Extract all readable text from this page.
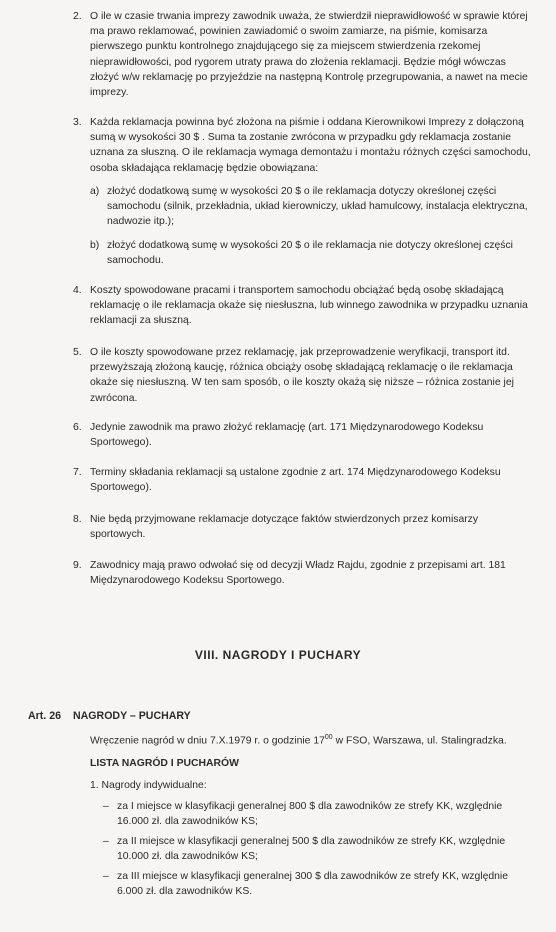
2. O ile w czasie trwania imprezy zawodnik uważa, że stwierdził nieprawidłowość w sprawie której ma prawo reklamować, powinien zawiadomić o swoim zamiarze, na piśmie, komisarza pierwszego punktu kontrolnego znajdującego się za miejscem stwierdzenia rzekomej nieprawidłowości, pod rygorem utraty prawa do złożenia reklamacji. Będzie mógł wówczas złożyć w/w reklamację po przyjeździe na następną Kontrolę przegrupowania, a nawet na mecie imprezy.
3. Każda reklamacja powinna być złożona na piśmie i oddana Kierownikowi Imprezy z dołączoną sumą w wysokości 30 $ . Suma ta zostanie zwrócona w przypadku gdy reklamacja zostanie uznana za słuszną. O ile reklamacja wymaga demontażu i montażu różnych części samochodu, osoba składająca reklamację będzie obowiązana:
a) złożyć dodatkową sumę w wysokości 20 $ o ile reklamacja dotyczy określonej części samochodu (silnik, przekładnia, układ kierowniczy, układ hamulcowy, instalacja elektryczna, nadwozie itp.);
b) złożyć dodatkową sumę w wysokości 20 $ o ile reklamacja nie dotyczy określonej części samochodu.
4. Koszty spowodowane pracami i transportem samochodu obciążać będą osobę składającą reklamację o ile reklamacja okaże się niesłuszna, lub winnego zawodnika w przypadku uznania reklamacji za słuszną.
5. O ile koszty spowodowane przez reklamację, jak przeprowadzenie weryfikacji, transport itd. przewyższają złożoną kaucję, różnica obciąży osobę składającą reklamację o ile reklamacja okaże się niesłuszną. W ten sam sposób, o ile koszty okażą się niższe – różnica zostanie jej zwrócona.
6. Jedynie zawodnik ma prawo złożyć reklamację (art. 171 Międzynarodowego Kodeksu Sportowego).
7. Terminy składania reklamacji są ustalone zgodnie z art. 174 Międzynarodowego Kodeksu Sportowego).
8. Nie będą przyjmowane reklamacje dotyczące faktów stwierdzonych przez komisarzy sportowych.
9. Zawodnicy mają prawo odwołać się od decyzji Władz Rajdu, zgodnie z przepisami art. 181 Międzynarodowego Kodeksu Sportowego.
VIII. NAGRODY I PUCHARY
Art. 26 NAGRODY – PUCHARY
Wręczenie nagród w dniu 7.X.1979 r. o godzinie $17^{00}$ w FSO, Warszawa, ul. Stalingradzka.
LISTA NAGRÓD I PUCHARÓW
1. Nagrody indywidualne:
– za I miejsce w klasyfikacji generalnej 800 $ dla zawodników ze strefy KK, względnie 16.000 zł. dla zawodników KS;
– za II miejsce w klasyfikacji generalnej 500 $ dla zawodników ze strefy KK, względnie 10.000 zł. dla zawodników KS;
– za III miejsce w klasyfikacji generalnej 300 $ dla zawodników ze strefy KK, względnie 6.000 zł. dla zawodników KS.
